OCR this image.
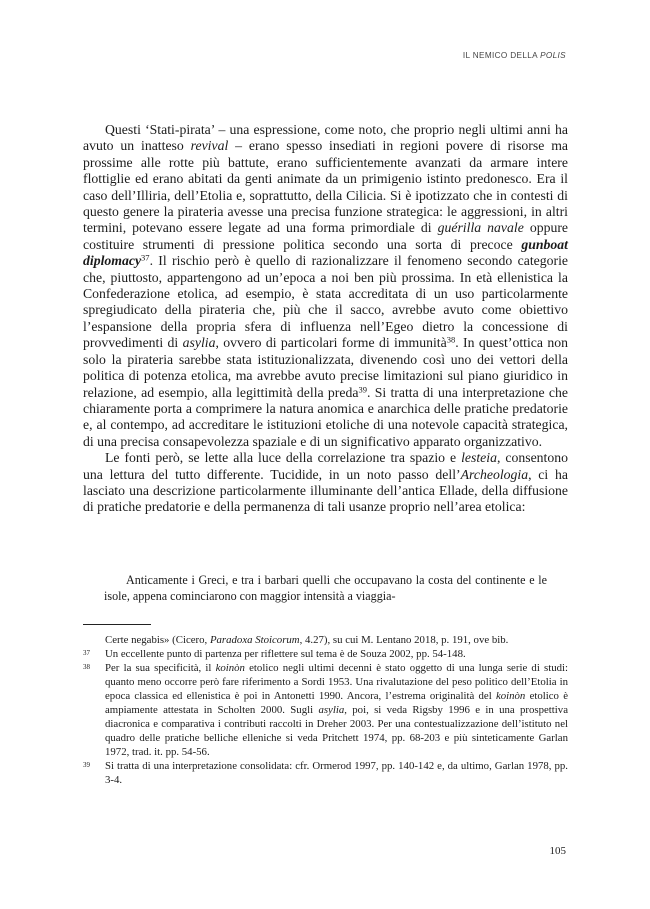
IL NEMICO DELLA POLIS

Questi ‘Stati-pirata’ – una espressione, come noto, che proprio negli ultimi anni ha avuto un inatteso revival – erano spesso insediati in regioni povere di risorse ma prossime alle rotte più battute, erano sufficientemente avanzati da armare intere flottiglie ed erano abitati da genti animate da un primigenio istinto predonesco. Era il caso dell’Illiria, dell’Etolia e, soprattutto, della Cilicia. Si è ipotizzato che in contesti di questo genere la pirateria avesse una precisa funzione strategica: le aggressioni, in altri termini, potevano essere legate ad una forma primordiale di guérilla navale oppure costituire strumenti di pressione politica secondo una sorta di precoce gunboat diplomacy$^{37}$. Il rischio però è quello di razionalizzare il fenomeno secondo categorie che, piuttosto, appartengono ad un’epoca a noi ben più prossima. In età ellenistica la Confederazione etolica, ad esempio, è stata accreditata di un uso particolarmente spregiudicato della pirateria che, più che il sacco, avrebbe avuto come obiettivo l’espansione della propria sfera di influenza nell’Egeo dietro la concessione di provvedimenti di asylia, ovvero di particolari forme di immunità$^{38}$. In quest’ottica non solo la pirateria sarebbe stata istituzionalizzata, divenendo così uno dei vettori della politica di potenza etolica, ma avrebbe avuto precise limitazioni sul piano giuridico in relazione, ad esempio, alla legittimità della preda$^{39}$. Si tratta di una interpretazione che chiaramente porta a comprimere la natura anomica e anarchica delle pratiche predatorie e, al contempo, ad accreditare le istituzioni etoliche di una notevole capacità strategica, di una precisa consapevolezza spaziale e di un significativo apparato organizzativo.

Le fonti però, se lette alla luce della correlazione tra spazio e lesteia, consentono una lettura del tutto differente. Tucidide, in un noto passo dell’Archeologia, ci ha lasciato una descrizione particolarmente illuminante dell’antica Ellade, della diffusione di pratiche predatorie e della permanenza di tali usanze proprio nell’area etolica:

Anticamente i Greci, e tra i barbari quelli che occupavano la costa del continente e le isole, appena cominciarono con maggior intensità a viaggia-

Certe negabis» (Cicero, Paradoxa Stoicorum, 4.27), su cui M. Lentano 2018, p. 191, ove bib.

37 Un eccellente punto di partenza per riflettere sul tema è de Souza 2002, pp. 54-148.

38 Per la sua specificità, il koinòn etolico negli ultimi decenni è stato oggetto di una lunga serie di studi: quanto meno occorre però fare riferimento a Sordi 1953. Una rivalutazione del peso politico dell’Etolia in epoca classica ed ellenistica è poi in Antonetti 1990. Ancora, l’estrema originalità del koinòn etolico è ampiamente attestata in Scholten 2000. Sugli asylia, poi, si veda Rigsby 1996 e in una prospettiva diacronica e comparativa i contributi raccolti in Dreher 2003. Per una contestualizzazione dell’istituto nel quadro delle pratiche belliche elleniche si veda Pritchett 1974, pp. 68-203 e più sinteticamente Garlan 1972, trad. it. pp. 54-56.

39 Si tratta di una interpretazione consolidata: cfr. Ormerod 1997, pp. 140-142 e, da ultimo, Garlan 1978, pp. 3-4.

105
